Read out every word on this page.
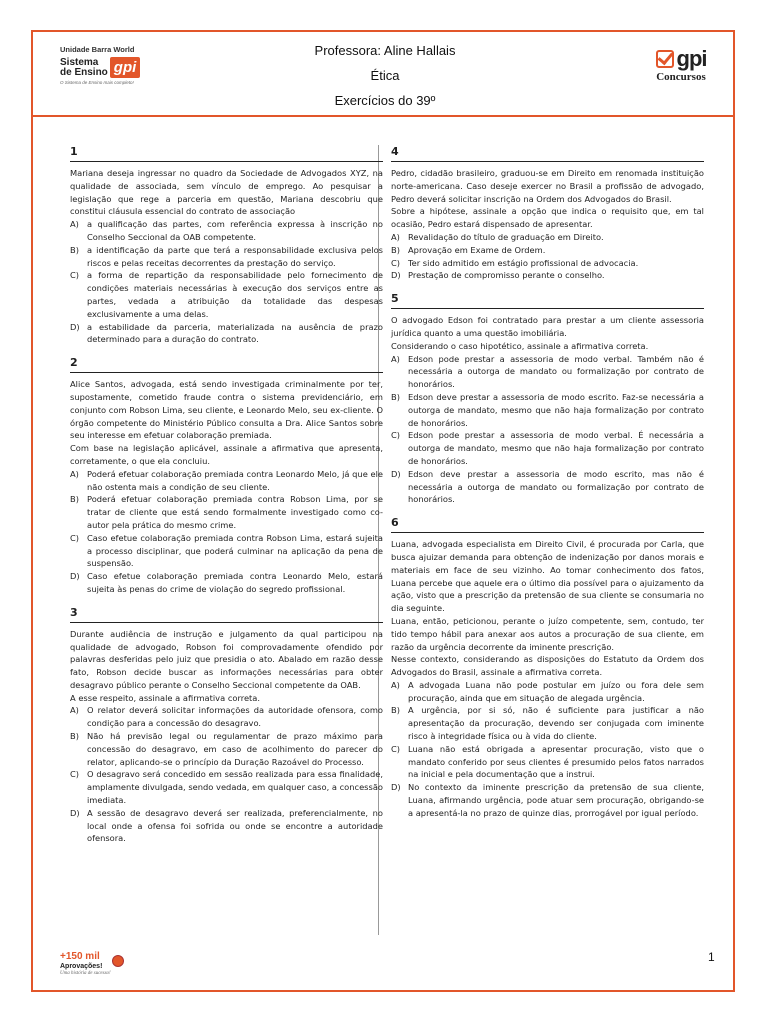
Unidade Barra World
Sistema
de Ensino gpi
O Sistema de Ensino mais completo!
Professora: Aline Hallais
Ética
Exercícios do 39º
gpi
Concursos
1
Mariana deseja ingressar no quadro da Sociedade de Advogados XYZ, na qualidade de associada, sem vínculo de emprego. Ao pesquisar a legislação que rege a parceria em questão, Mariana descobriu que constitui cláusula essencial do contrato de associação
A) a qualificação das partes, com referência expressa à inscrição no Conselho Seccional da OAB competente.
B) a identificação da parte que terá a responsabilidade exclusiva pelos riscos e pelas receitas decorrentes da prestação do serviço.
C) a forma de repartição da responsabilidade pelo fornecimento de condições materiais necessárias à execução dos serviços entre as partes, vedada a atribuição da totalidade das despesas exclusivamente a uma delas.
D) a estabilidade da parceria, materializada na ausência de prazo determinado para a duração do contrato.
2
Alice Santos, advogada, está sendo investigada criminalmente por ter, supostamente, cometido fraude contra o sistema previdenciário, em conjunto com Robson Lima, seu cliente, e Leonardo Melo, seu ex-cliente. O órgão competente do Ministério Público consulta a Dra. Alice Santos sobre seu interesse em efetuar colaboração premiada.
Com base na legislação aplicável, assinale a afirmativa que apresenta, corretamente, o que ela concluiu.
A) Poderá efetuar colaboração premiada contra Leonardo Melo, já que ele não ostenta mais a condição de seu cliente.
B) Poderá efetuar colaboração premiada contra Robson Lima, por se tratar de cliente que está sendo formalmente investigado como co-autor pela prática do mesmo crime.
C) Caso efetue colaboração premiada contra Robson Lima, estará sujeita a processo disciplinar, que poderá culminar na aplicação da pena de suspensão.
D) Caso efetue colaboração premiada contra Leonardo Melo, estará sujeita às penas do crime de violação do segredo profissional.
3
Durante audiência de instrução e julgamento da qual participou na qualidade de advogado, Robson foi comprovadamente ofendido por palavras desferidas pelo juiz que presidia o ato. Abalado em razão desse fato, Robson decide buscar as informações necessárias para obter desagravo público perante o Conselho Seccional competente da OAB.
A esse respeito, assinale a afirmativa correta.
A) O relator deverá solicitar informações da autoridade ofensora, como condição para a concessão do desagravo.
B) Não há previsão legal ou regulamentar de prazo máximo para concessão do desagravo, em caso de acolhimento do parecer do relator, aplicando-se o princípio da Duração Razoável do Processo.
C) O desagravo será concedido em sessão realizada para essa finalidade, amplamente divulgada, sendo vedada, em qualquer caso, a concessão imediata.
D) A sessão de desagravo deverá ser realizada, preferencialmente, no local onde a ofensa foi sofrida ou onde se encontre a autoridade ofensora.
4
Pedro, cidadão brasileiro, graduou-se em Direito em renomada instituição norte-americana. Caso deseje exercer no Brasil a profissão de advogado, Pedro deverá solicitar inscrição na Ordem dos Advogados do Brasil.
Sobre a hipótese, assinale a opção que indica o requisito que, em tal ocasião, Pedro estará dispensado de apresentar.
A) Revalidação do título de graduação em Direito.
B) Aprovação em Exame de Ordem.
C) Ter sido admitido em estágio profissional de advocacia.
D) Prestação de compromisso perante o conselho.
5
O advogado Edson foi contratado para prestar a um cliente assessoria jurídica quanto a uma questão imobiliária.
Considerando o caso hipotético, assinale a afirmativa correta.
A) Edson pode prestar a assessoria de modo verbal. Também não é necessária a outorga de mandato ou formalização por contrato de honorários.
B) Edson deve prestar a assessoria de modo escrito. Faz-se necessária a outorga de mandato, mesmo que não haja formalização por contrato de honorários.
C) Edson pode prestar a assessoria de modo verbal. É necessária a outorga de mandato, mesmo que não haja formalização por contrato de honorários.
D) Edson deve prestar a assessoria de modo escrito, mas não é necessária a outorga de mandato ou formalização por contrato de honorários.
6
Luana, advogada especialista em Direito Civil, é procurada por Carla, que busca ajuizar demanda para obtenção de indenização por danos morais e materiais em face de seu vizinho. Ao tomar conhecimento dos fatos, Luana percebe que aquele era o último dia possível para o ajuizamento da ação, visto que a prescrição da pretensão de sua cliente se consumaria no dia seguinte.
Luana, então, peticionou, perante o juízo competente, sem, contudo, ter tido tempo hábil para anexar aos autos a procuração de sua cliente, em razão da urgência decorrente da iminente prescrição.
Nesse contexto, considerando as disposições do Estatuto da Ordem dos Advogados do Brasil, assinale a afirmativa correta.
A) A advogada Luana não pode postular em juízo ou fora dele sem procuração, ainda que em situação de alegada urgência.
B) A urgência, por si só, não é suficiente para justificar a não apresentação da procuração, devendo ser conjugada com iminente risco à integridade física ou à vida do cliente.
C) Luana não está obrigada a apresentar procuração, visto que o mandato conferido por seus clientes é presumido pelos fatos narrados na inicial e pela documentação que a instrui.
D) No contexto da iminente prescrição da pretensão de sua cliente, Luana, afirmando urgência, pode atuar sem procuração, obrigando-se a apresentá-la no prazo de quinze dias, prorrogável por igual período.
+150 mil
Aprovações!
Uma história de sucesso!
1
